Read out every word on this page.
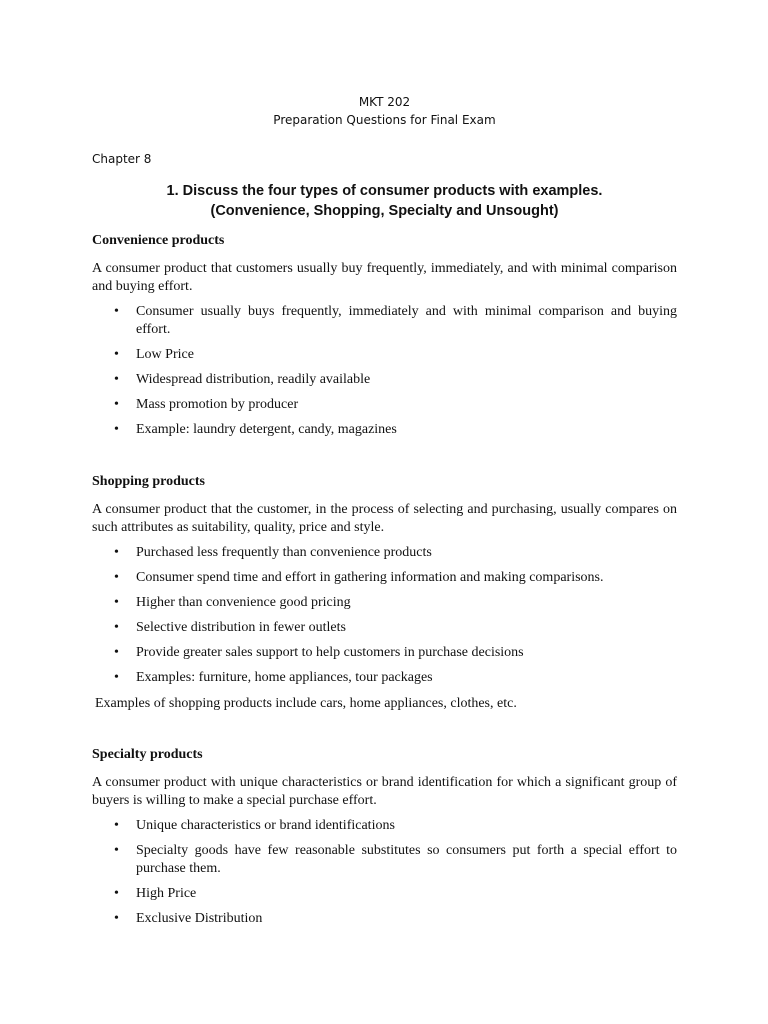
MKT 202

Preparation Questions for Final Exam

Chapter 8
1. Discuss the four types of consumer products with examples.
(Convenience, Shopping, Specialty and Unsought)

Convenience products

A consumer product that customers usually buy frequently, immediately, and with minimal comparison and buying effort.

• Consumer usually buys frequently, immediately and with minimal comparison and buying effort.
• Low Price
• Widespread distribution, readily available
• Mass promotion by producer
• Example: laundry detergent, candy, magazines

Shopping products

A consumer product that the customer, in the process of selecting and purchasing, usually compares on such attributes as suitability, quality, price and style.

• Purchased less frequently than convenience products
• Consumer spend time and effort in gathering information and making comparisons.
• Higher than convenience good pricing
• Selective distribution in fewer outlets
• Provide greater sales support to help customers in purchase decisions
• Examples: furniture, home appliances, tour packages

Examples of shopping products include cars, home appliances, clothes, etc.

Specialty products

A consumer product with unique characteristics or brand identification for which a significant group of buyers is willing to make a special purchase effort.

• Unique characteristics or brand identifications
• Specialty goods have few reasonable substitutes so consumers put forth a special effort to purchase them.
• High Price
• Exclusive Distribution
